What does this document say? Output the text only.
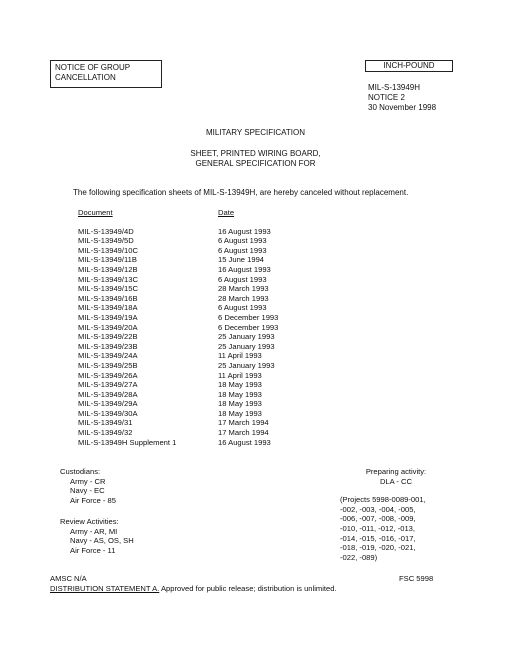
NOTICE OF GROUP
CANCELLATION
INCH-POUND
MIL-S-13949H
NOTICE 2
30 November 1998
MILITARY SPECIFICATION
SHEET, PRINTED WIRING BOARD,
GENERAL SPECIFICATION FOR
The following specification sheets of MIL-S-13949H, are hereby canceled without replacement.
Document	Date

MIL-S-13949/4D	16 August 1993
MIL-S-13949/5D	6 August 1993
MIL-S-13949/10C	6 August 1993
MIL-S-13949/11B	15 June 1994
MIL-S-13949/12B	16 August 1993
MIL-S-13949/13C	6 August 1993
MIL-S-13949/15C	28 March 1993
MIL-S-13949/16B	28 March 1993
MIL-S-13949/18A	6 August 1993
MIL-S-13949/19A	6 December 1993
MIL-S-13949/20A	6 December 1993
MIL-S-13949/22B	25 January 1993
MIL-S-13949/23B	25 January 1993
MIL-S-13949/24A	11 April 1993
MIL-S-13949/25B	25 January 1993
MIL-S-13949/26A	11 April 1993
MIL-S-13949/27A	18 May 1993
MIL-S-13949/28A	18 May 1993
MIL-S-13949/29A	18 May 1993
MIL-S-13949/30A	18 May 1993
MIL-S-13949/31	17 March 1994
MIL-S-13949/32	17 March 1994
MIL-S-13949H Supplement 1	16 August 1993
Custodians:
Army - CR
Navy - EC
Air Force - 85
Review Activities:
Army - AR, MI
Navy - AS, OS, SH
Air Force - 11
Preparing activity:
DLA - CC
(Projects 5998-0089-001,
-002, -003, -004, -005,
-006, -007, -008, -009,
-010, -011, -012, -013,
-014, -015, -016, -017,
-018, -019, -020, -021,
-022, -089)
AMSC N/A	FSC 5998
DISTRIBUTION STATEMENT A. Approved for public release; distribution is unlimited.
